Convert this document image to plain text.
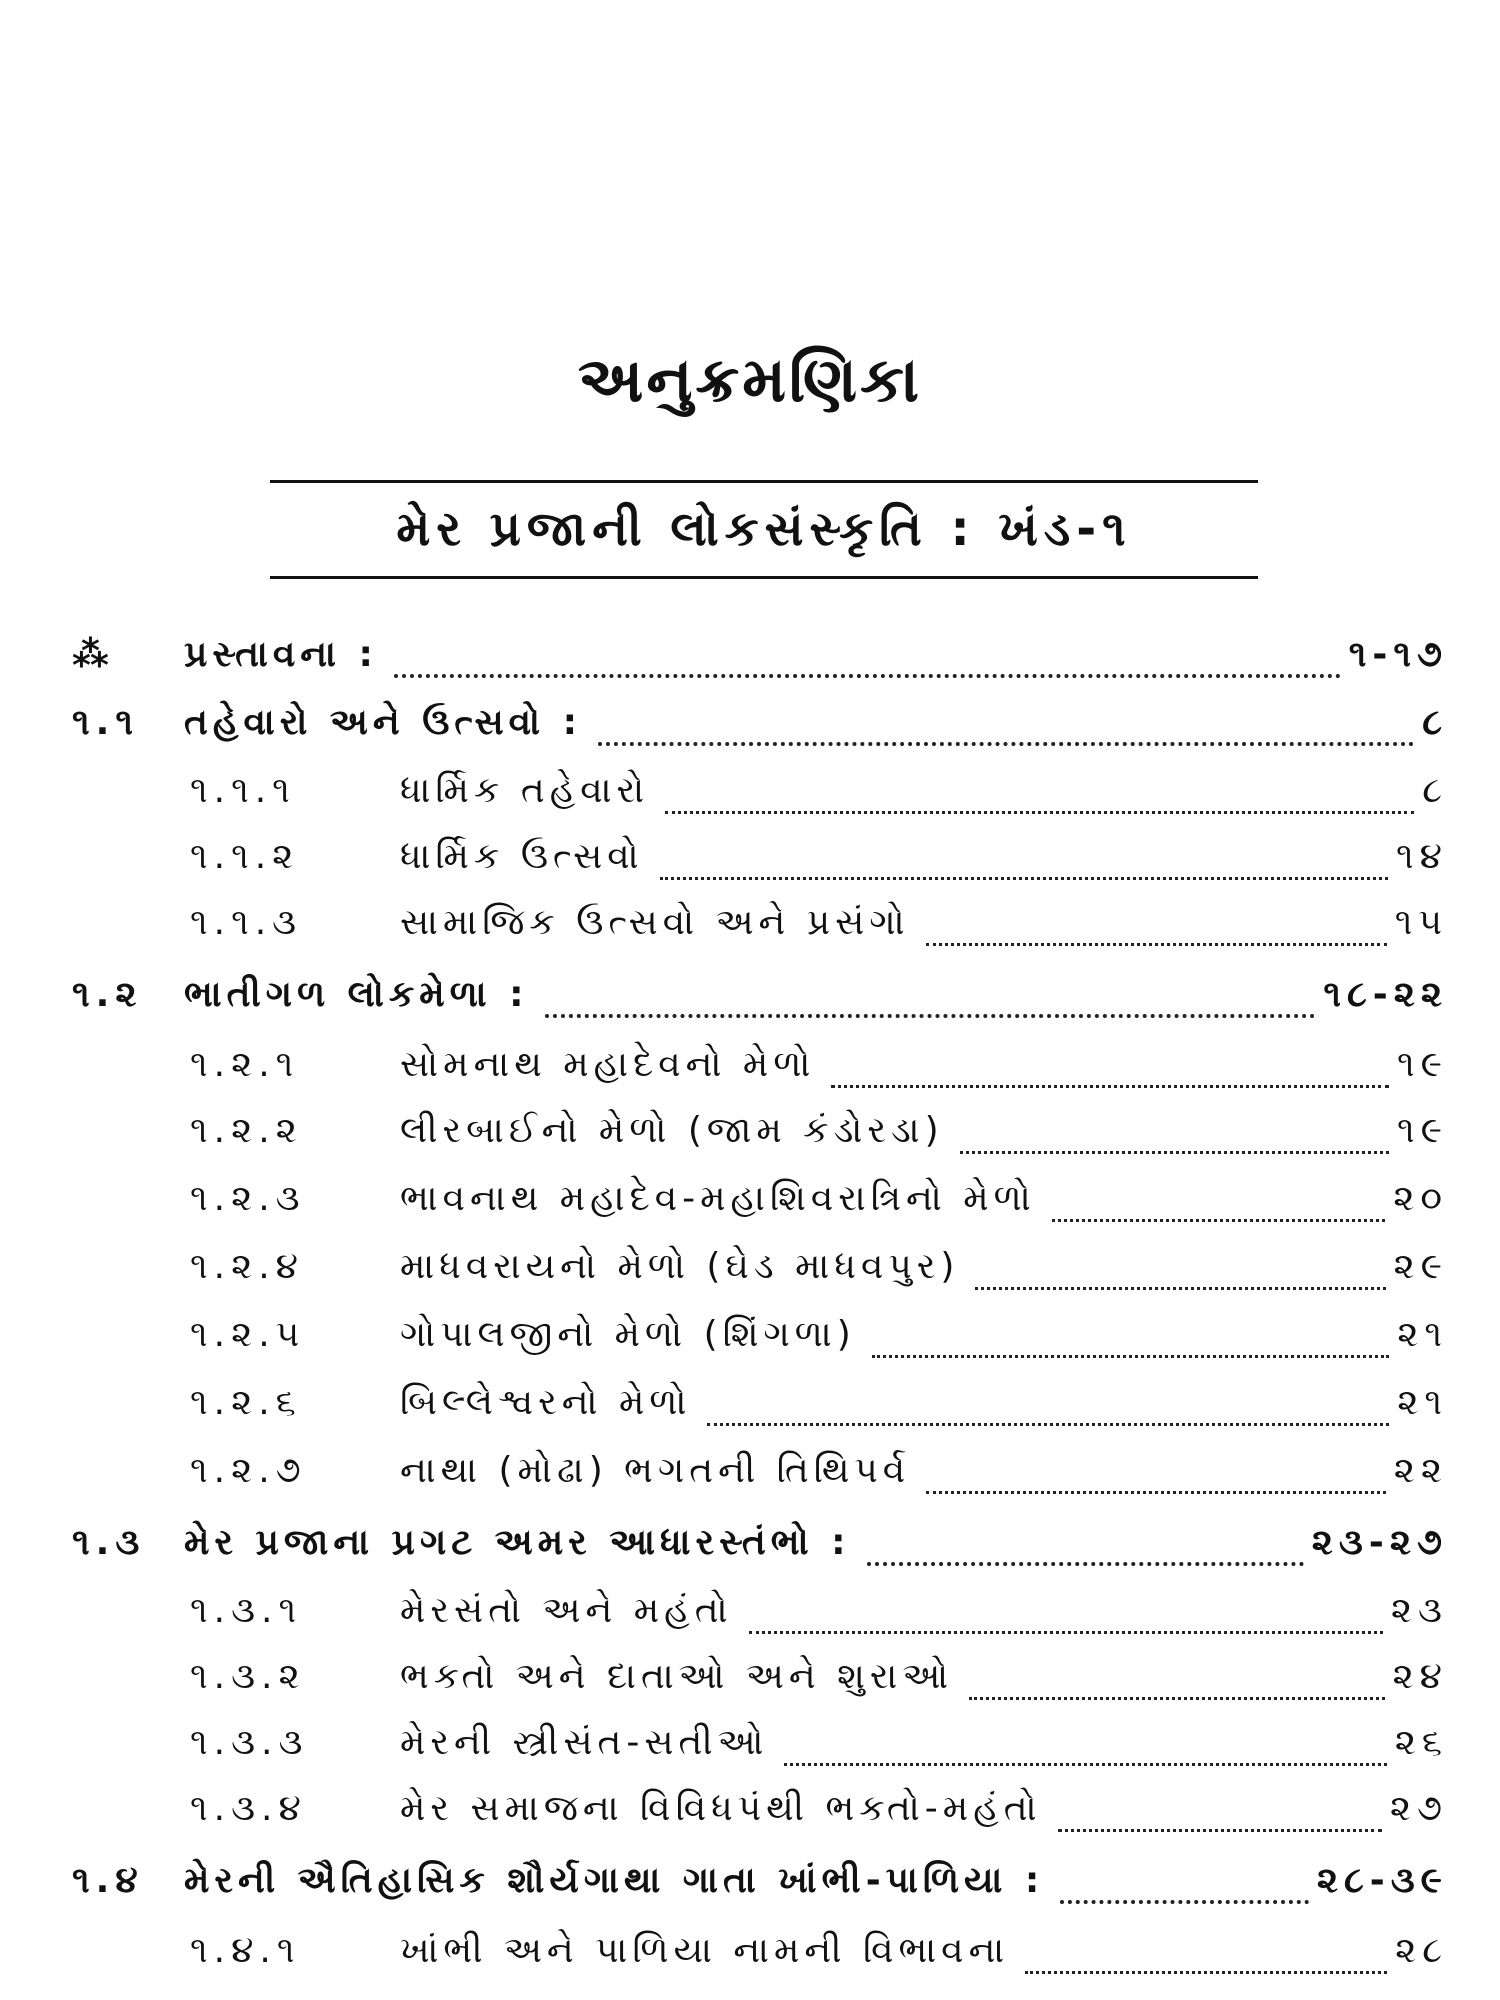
અનુક્રમણિકા
મેર પ્રજાની લોકસંસ્કૃતિ : ખંડ-૧
⁂	પ્રસ્તાવના :	૧-૧૭
૧.૧	તહેવારો અને ઉત્સવો :	૮
૧.૧.૧	ધાર્મિક તહેવારો	૮
૧.૧.૨	ધાર્મિક ઉત્સવો	૧૪
૧.૧.૩	સામાજિક ઉત્સવો અને પ્રસંગો	૧૫
૧.૨	ભાતીગળ લોકમેળા :	૧૮-૨૨
૧.૨.૧	સોમનાથ મહાદેવનો મેળો	૧૯
૧.૨.૨	લીરબાઈનો મેળો (જામ કંડોરડા)	૧૯
૧.૨.૩	ભાવનાથ મહાદેવ-મહાશિવરાત્રિનો મેળો	૨૦
૧.૨.૪	માધવરાયનો મેળો (ઘેડ માધવપુર)	૨૯
૧.૨.૫	ગોપાલજીનો મેળો (શિંગળા)	૨૧
૧.૨.૬	બિલ્લેશ્વરનો મેળો	૨૧
૧.૨.૭	નાથા (મોઢા) ભગતની તિથિપર્વ	૨૨
૧.૩	મેર પ્રજાના પ્રગટ અમર આધારસ્તંભો :	૨૩-૨૭
૧.૩.૧	મેરસંતો અને મહંતો	૨૩
૧.૩.૨	ભક્તો અને દાતાઓ અને શુરાઓ	૨૪
૧.૩.૩	મેરની સ્ત્રીસંત-સતીઓ	૨૬
૧.૩.૪	મેર સમાજના વિવિધપંથી ભક્તો-મહંતો	૨૭
૧.૪	મેરની ઐતિહાસિક શૌર્યગાથા ગાતા ખાંભી-પાળિયા :	૨૮-૩૯
૧.૪.૧	ખાંભી અને પાળિયા નામની વિભાવના	૨૮
